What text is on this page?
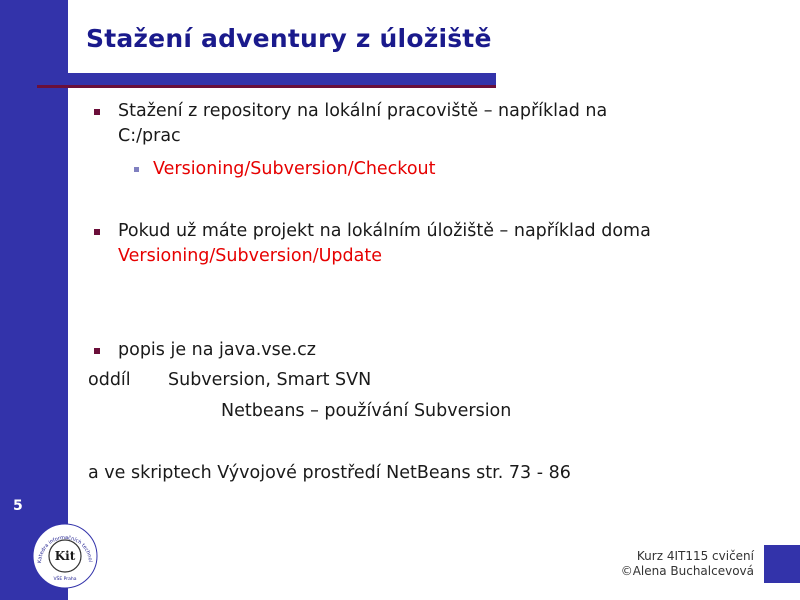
5
Stažení adventury z úložiště
Stažení z repository na lokální pracoviště – například na
C:/prac
Versioning/Subversion/Checkout
Pokud už máte projekt na lokálním úložiště – například doma
Versioning/Subversion/Update
popis je na java.vse.cz
oddíl Subversion, Smart SVN
Netbeans – používání Subversion
a ve skriptech Vývojové prostředí NetBeans str. 73 - 86
Katedra informačních technol
Kit
VŠE Praha
Kurz 4IT115 cvičení
©Alena Buchalcevová
